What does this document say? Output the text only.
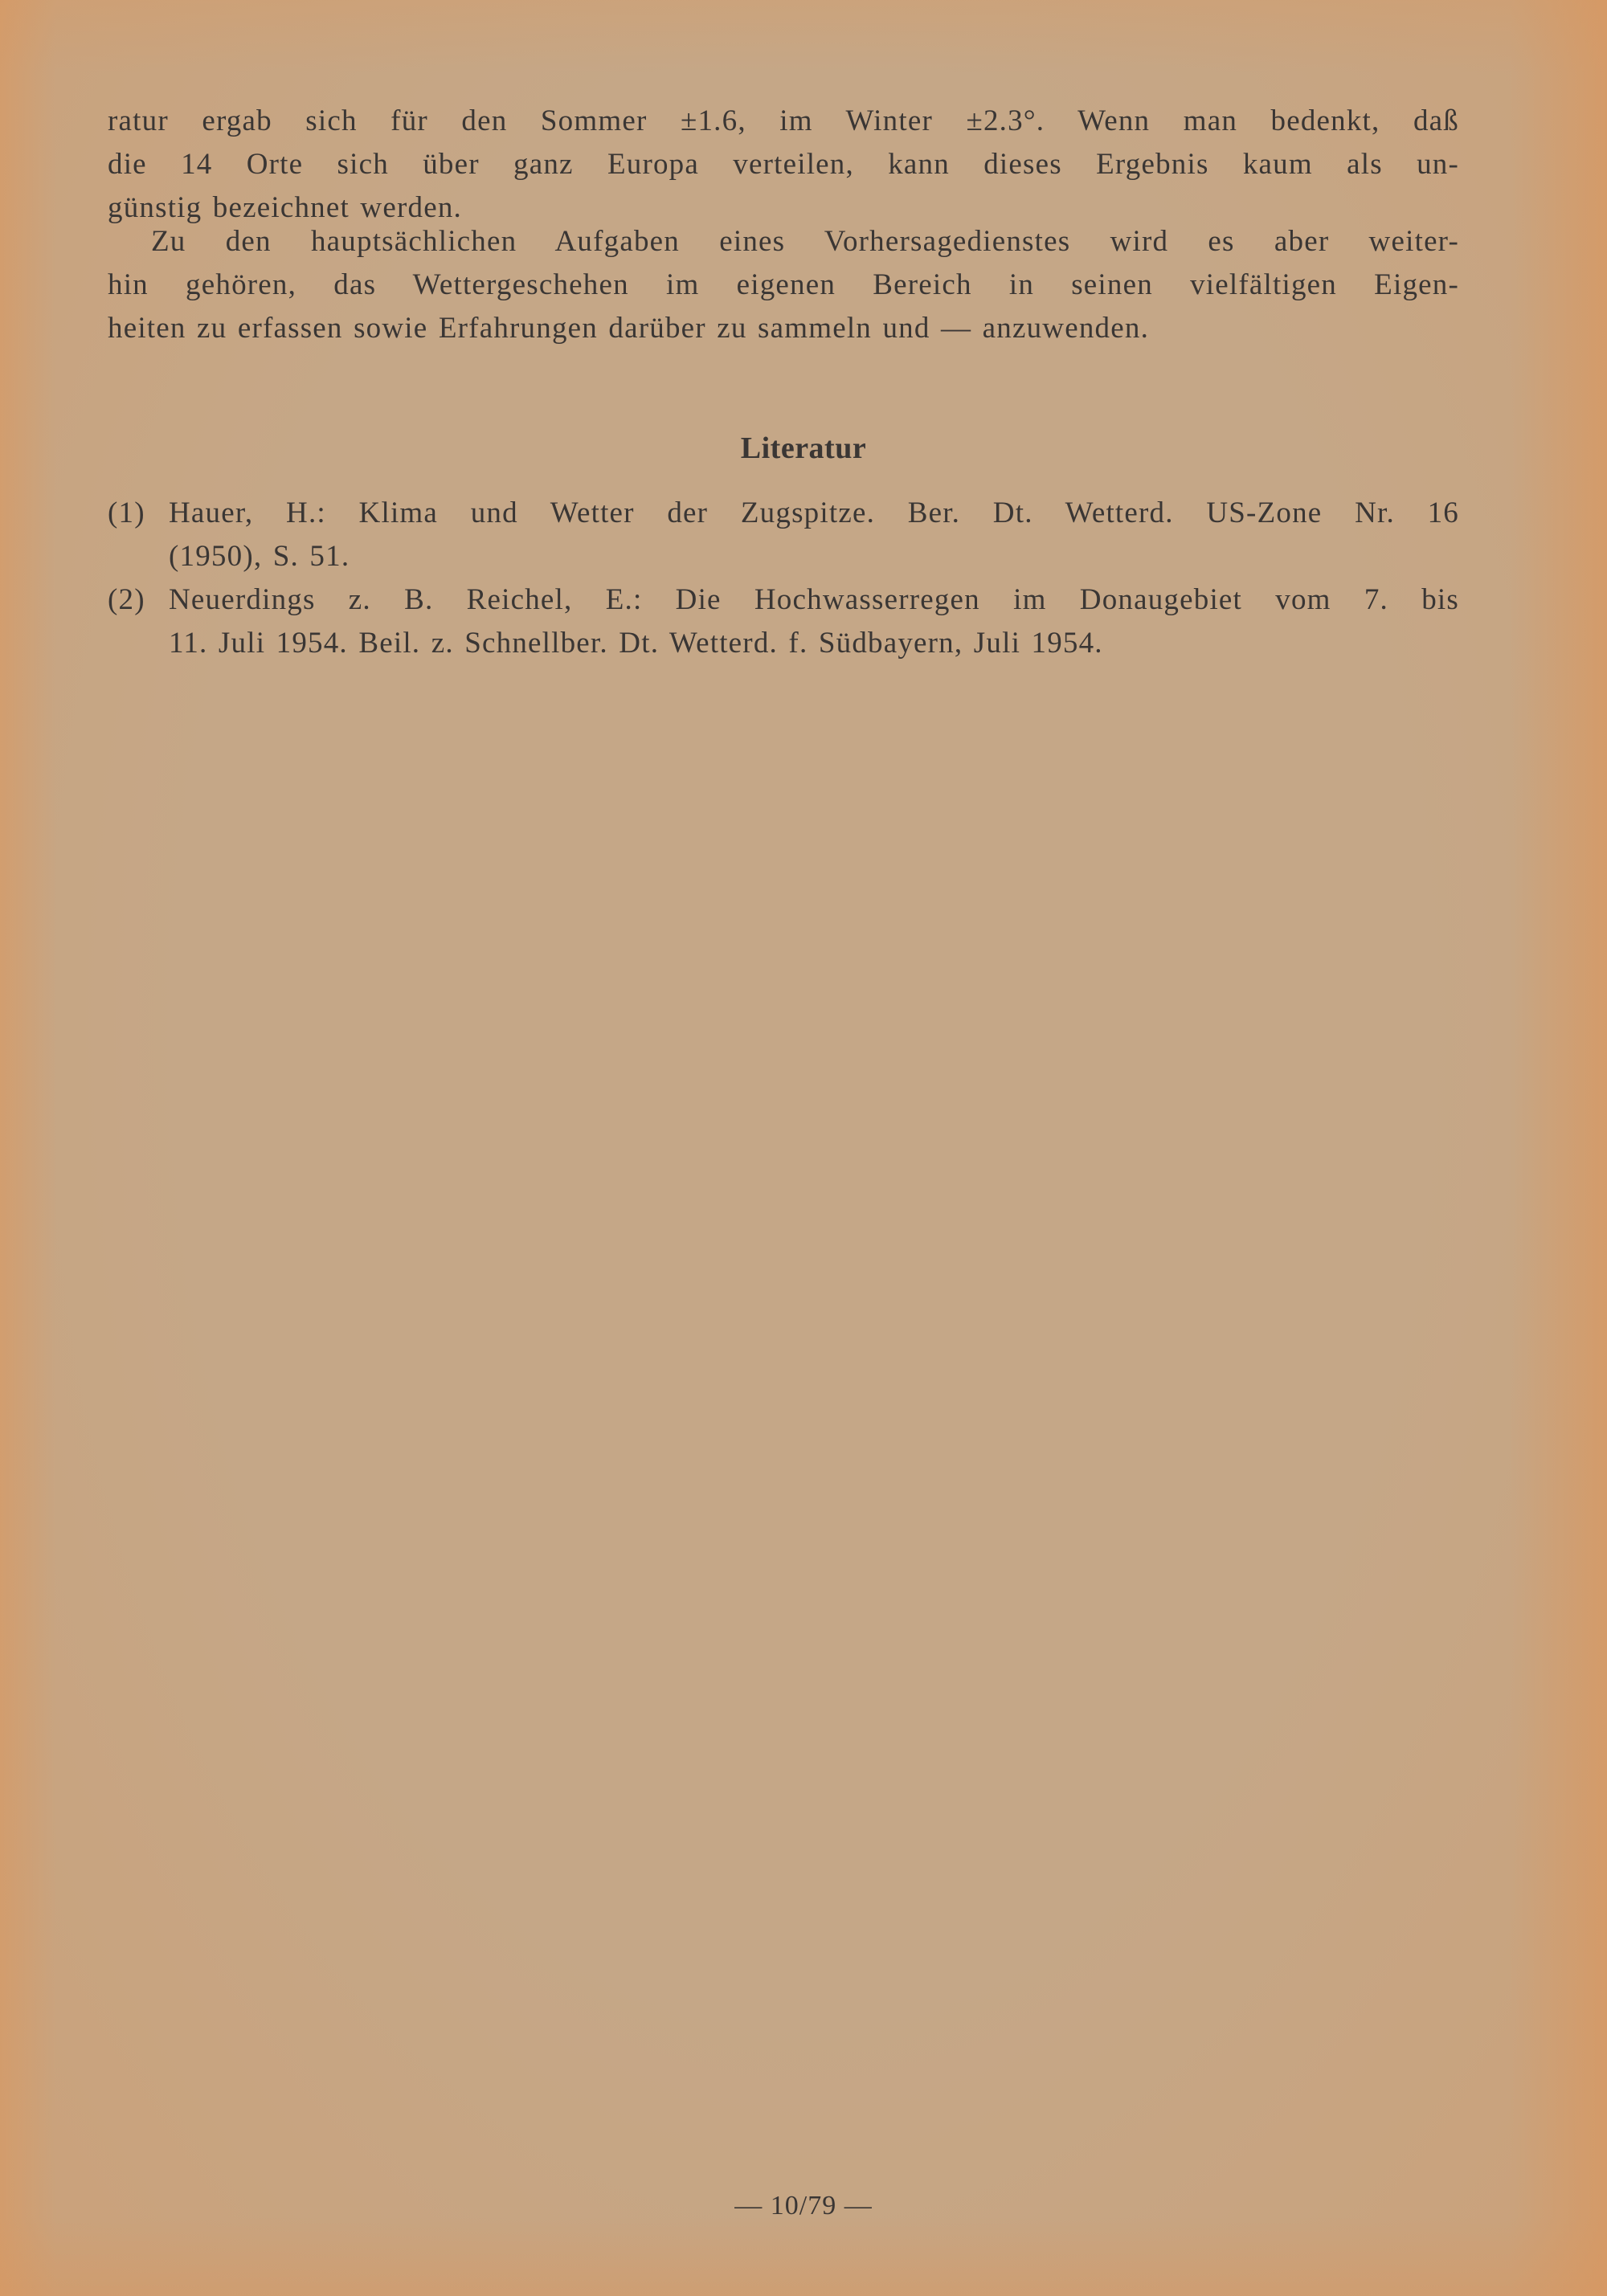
ratur ergab sich für den Sommer ±1.6, im Winter ±2.3°. Wenn man bedenkt, daß
die 14 Orte sich über ganz Europa verteilen, kann dieses Ergebnis kaum als un-
günstig bezeichnet werden.
Zu den hauptsächlichen Aufgaben eines Vorhersagedienstes wird es aber weiter-
hin gehören, das Wettergeschehen im eigenen Bereich in seinen vielfältigen Eigen-
heiten zu erfassen sowie Erfahrungen darüber zu sammeln und — anzuwenden.
Literatur
(1) Hauer, H.: Klima und Wetter der Zugspitze. Ber. Dt. Wetterd. US-Zone Nr. 16
(1950), S. 51.
(2) Neuerdings z. B. Reichel, E.: Die Hochwasserregen im Donaugebiet vom 7. bis
11. Juli 1954. Beil. z. Schnellber. Dt. Wetterd. f. Südbayern, Juli 1954.
— 10/79 —
